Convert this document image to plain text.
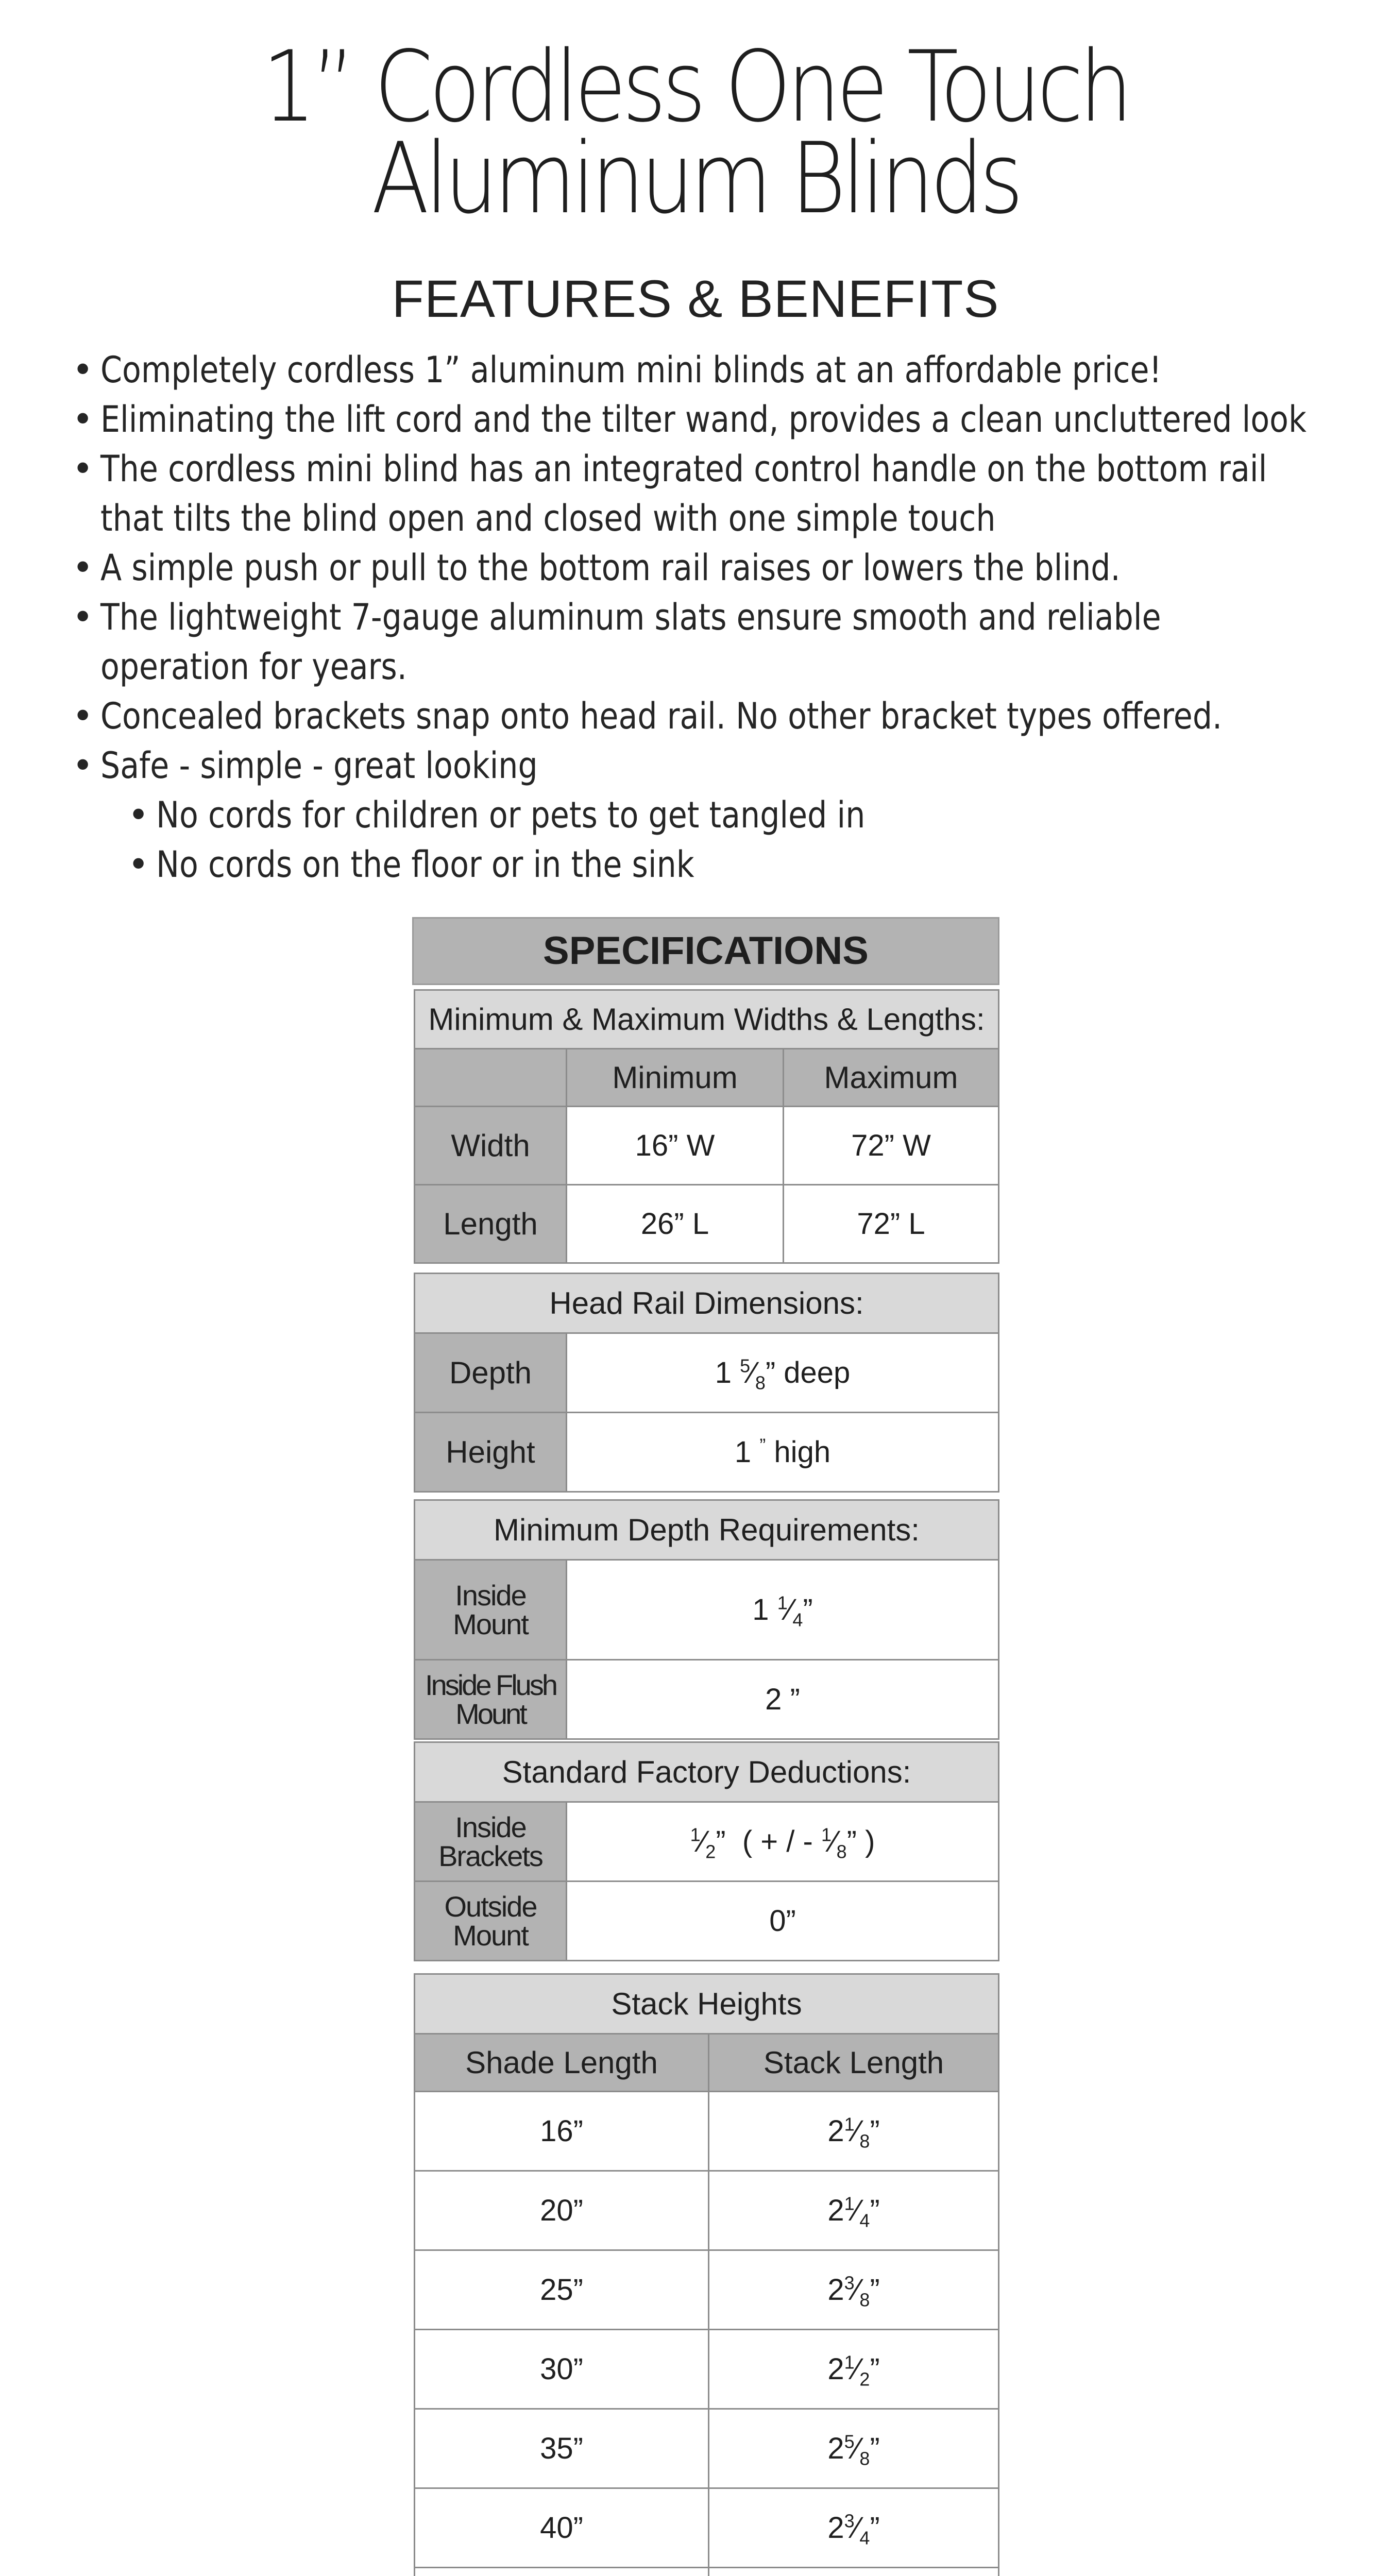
1” Cordless One Touch
Aluminum Blinds
FEATURES & BENEFITS
• Completely cordless 1” aluminum mini blinds at an affordable price!
• Eliminating the lift cord and the tilter wand, provides a clean uncluttered look
• The cordless mini blind has an integrated control handle on the bottom rail
that tilts the blind open and closed with one simple touch
• A simple push or pull to the bottom rail raises or lowers the blind.
• The lightweight 7-gauge aluminum slats ensure smooth and reliable
operation for years.
• Concealed brackets snap onto head rail. No other bracket types offered.
• Safe - simple - great looking
• No cords for children or pets to get tangled in
• No cords on the floor or in the sink
SPECIFICATIONS
Minimum & Maximum Widths & Lengths:		
	Minimum	Maximum
Width	16” W	72” W
Length	26” L	72” L
Head Rail Dimensions:	
Depth	1 $^5⁄_8$” deep
Height	1 ” high
Minimum Depth Requirements:	
Inside Mount	1 $^1⁄_4$”
Inside Flush Mount	2 ”
Standard Factory Deductions:	
Inside Brackets	$^1⁄_2$” ( + / - $^1⁄_8$” )
Outside Mount	0”
Stack Heights	
Shade Length	Stack Length
16”	$2^1⁄_8$”
20”	$2^1⁄_4$”
25”	$2^3⁄_8$”
30”	$2^1⁄_2$”
35”	$2^5⁄_8$”
40”	$2^3⁄_4$”
